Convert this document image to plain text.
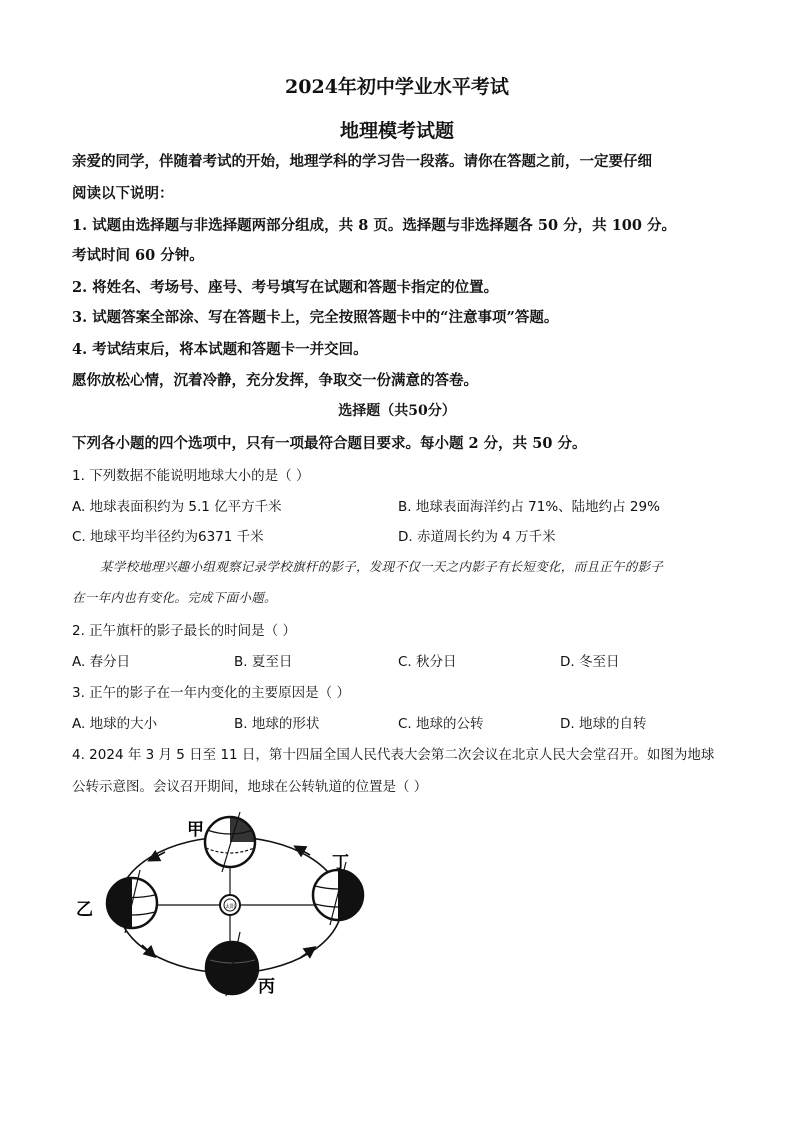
2024年初中学业水平考试
地理模考试题
亲爱的同学，伴随着考试的开始，地理学科的学习告一段落。请你在答题之前，一定要仔细
阅读以下说明：
1. 试题由选择题与非选择题两部分组成，共 8 页。选择题与非选择题各 50 分，共 100 分。
考试时间 60 分钟。
2. 将姓名、考场号、座号、考号填写在试题和答题卡指定的位置。
3. 试题答案全部涂、写在答题卡上，完全按照答题卡中的“注意事项”答题。
4. 考试结束后，将本试题和答题卡一并交回。
愿你放松心情，沉着冷静，充分发挥，争取交一份满意的答卷。
选择题（共50分）
下列各小题的四个选项中，只有一项最符合题目要求。每小题 2 分，共 50 分。
1. 下列数据不能说明地球大小的是（ ）
A. 地球表面积约为 5.1 亿平方千米	B. 地球表面海洋约占 71%、陆地约占 29%
C. 地球平均半径约为6371 千米	D. 赤道周长约为 4 万千米
某学校地理兴趣小组观察记录学校旗杆的影子，发现不仅一天之内影子有长短变化，而且正午的影子
在一年内也有变化。完成下面小题。
2. 正午旗杆的影子最长的时间是（ ）
A. 春分日	B. 夏至日	C. 秋分日	D. 冬至日
3. 正午的影子在一年内变化的主要原因是（ ）
A. 地球的大小	B. 地球的形状	C. 地球的公转	D. 地球的自转
4. 2024 年 3 月 5 日至 11 日，第十四届全国人民代表大会第二次会议在北京人民大会堂召开。如图为地球
公转示意图。会议召开期间，地球在公转轨道的位置是（ ）
太阳
甲
乙
丙
丁
